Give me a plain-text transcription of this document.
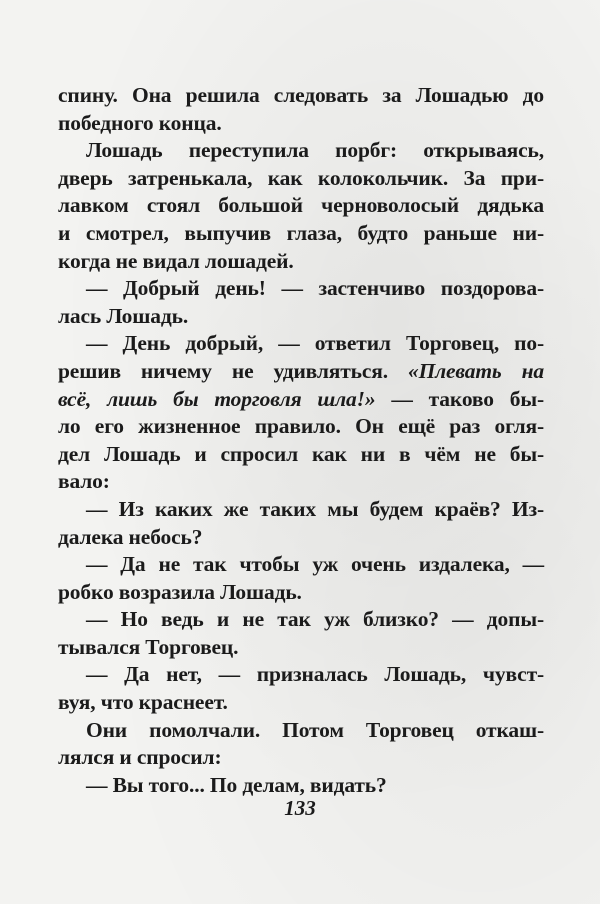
спину. Она решила следовать за Лошадью до
победного конца.
Лошадь переступила порбг: открываясь,
дверь затренькала, как колокольчик. За при-
лавком стоял большой черноволосый дядька
и смотрел, выпучив глаза, будто раньше ни-
когда не видал лошадей.
— Добрый день! — застенчиво поздорова-
лась Лошадь.
— День добрый, — ответил Торговец, по-
решив ничему не удивляться. «Плевать на
всё, лишь бы торговля шла!» — таково бы-
ло его жизненное правило. Он ещё раз огля-
дел Лошадь и спросил как ни в чём не бы-
вало:
— Из каких же таких мы будем краёв? Из-
далека небось?
— Да не так чтобы уж очень издалека, —
робко возразила Лошадь.
— Но ведь и не так уж близко? — допы-
тывался Торговец.
— Да нет, — призналась Лошадь, чувст-
вуя, что краснеет.
Они помолчали. Потом Торговец откаш-
лялся и спросил:
— Вы того... По делам, видать?
133
